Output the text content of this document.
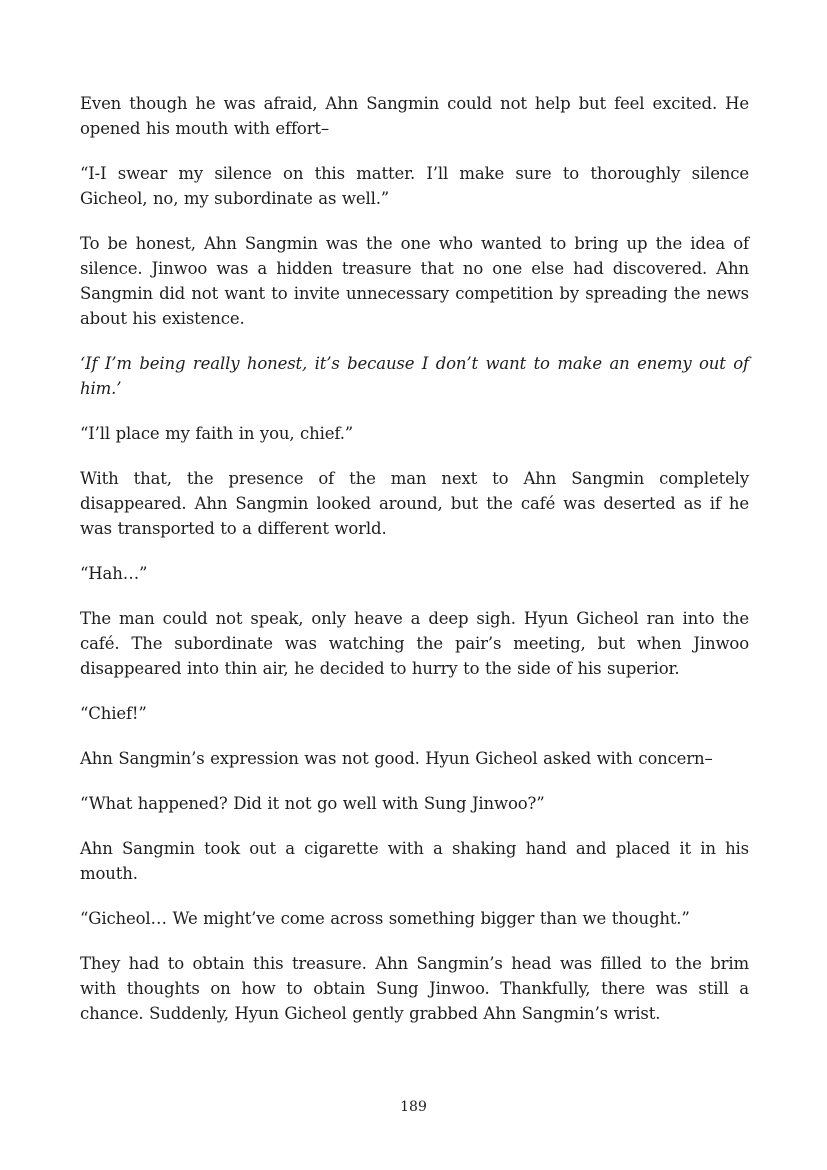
Even though he was afraid, Ahn Sangmin could not help but feel excited. He opened his mouth with effort–

“I-I swear my silence on this matter. I’ll make sure to thoroughly silence Gicheol, no, my subordinate as well.”

To be honest, Ahn Sangmin was the one who wanted to bring up the idea of silence. Jinwoo was a hidden treasure that no one else had discovered. Ahn Sangmin did not want to invite unnecessary competition by spreading the news about his existence.

‘If I’m being really honest, it’s because I don’t want to make an enemy out of him.’

“I’ll place my faith in you, chief.”

With that, the presence of the man next to Ahn Sangmin completely disappeared. Ahn Sangmin looked around, but the café was deserted as if he was transported to a different world.

“Hah…”

The man could not speak, only heave a deep sigh. Hyun Gicheol ran into the café. The subordinate was watching the pair’s meeting, but when Jinwoo disappeared into thin air, he decided to hurry to the side of his superior.

“Chief!”

Ahn Sangmin’s expression was not good. Hyun Gicheol asked with concern–

“What happened? Did it not go well with Sung Jinwoo?”

Ahn Sangmin took out a cigarette with a shaking hand and placed it in his mouth.

“Gicheol… We might’ve come across something bigger than we thought.”

They had to obtain this treasure. Ahn Sangmin’s head was filled to the brim with thoughts on how to obtain Sung Jinwoo. Thankfully, there was still a chance. Suddenly, Hyun Gicheol gently grabbed Ahn Sangmin’s wrist.

189
